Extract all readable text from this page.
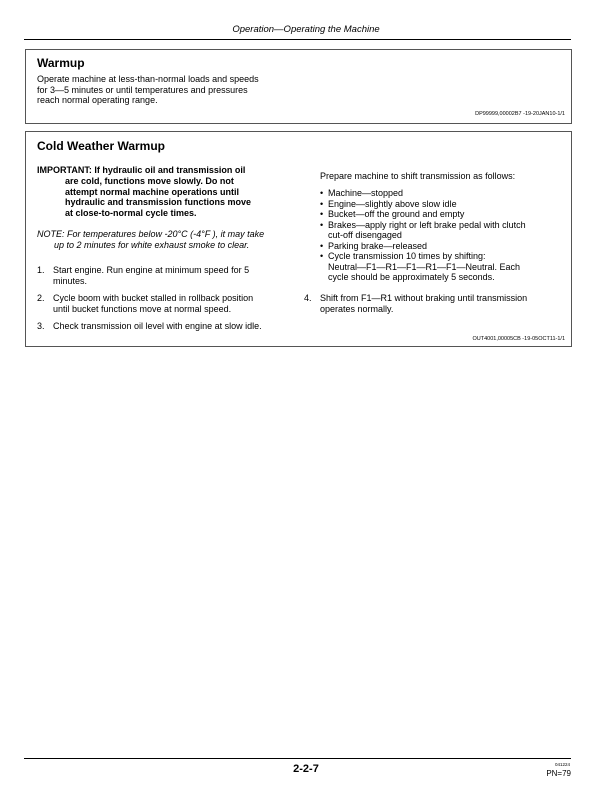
Operation—Operating the Machine
Warmup
Operate machine at less-than-normal loads and speeds
for 3—5 minutes or until temperatures and pressures
reach normal operating range.
DP99999,00002B7 -19-20JAN10-1/1
Cold Weather Warmup
IMPORTANT: If hydraulic oil and transmission oil
are cold, functions move slowly. Do not
attempt normal machine operations until
hydraulic and transmission functions move
at close-to-normal cycle times.
NOTE: For temperatures below -20°C (-4°F ), it may take
up to 2 minutes for white exhaust smoke to clear.
1. Start engine. Run engine at minimum speed for 5
minutes.
2. Cycle boom with bucket stalled in rollback position
until bucket functions move at normal speed.
3. Check transmission oil level with engine at slow idle.
Prepare machine to shift transmission as follows:
• Machine—stopped
• Engine—slightly above slow idle
• Bucket—off the ground and empty
• Brakes—apply right or left brake pedal with clutch
cut-off disengaged
• Parking brake—released
• Cycle transmission 10 times by shifting:
Neutral—F1—R1—F1—R1—F1—Neutral. Each
cycle should be approximately 5 seconds.
4. Shift from F1—R1 without braking until transmission
operates normally.
OUT4001,00005CB -19-05OCT11-1/1
2-2-7	041224
PN=79
